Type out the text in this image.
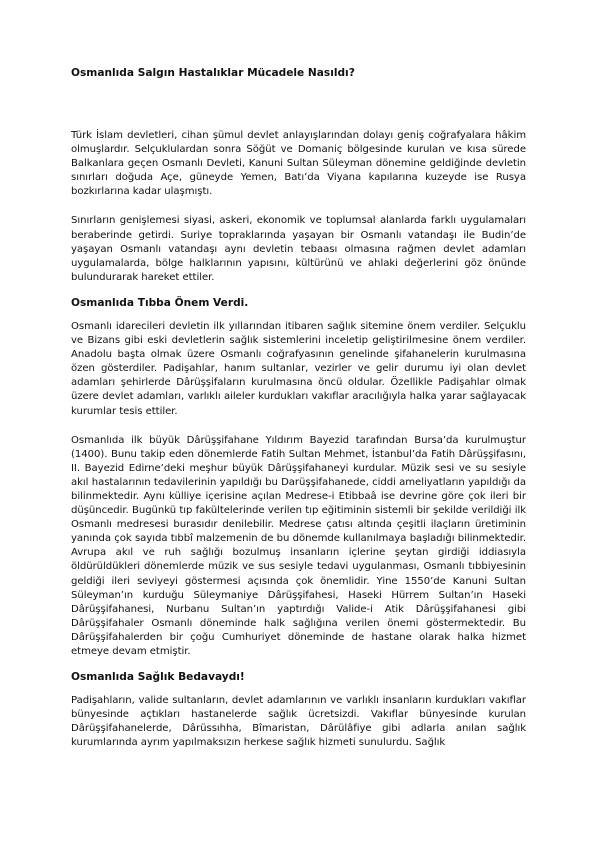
Osmanlıda Salgın Hastalıklar Mücadele Nasıldı?

Türk İslam devletleri, cihan şümul devlet anlayışlarından dolayı geniş coğrafyalara hâkim olmuşlardır. Selçuklulardan sonra Söğüt ve Domaniç bölgesinde kurulan ve kısa sürede Balkanlara geçen Osmanlı Devleti, Kanuni Sultan Süleyman dönemine geldiğinde devletin sınırları doğuda Açe, güneyde Yemen, Batı’da Viyana kapılarına kuzeyde ise Rusya bozkırlarına kadar ulaşmıştı.

Sınırların genişlemesi siyasi, askeri, ekonomik ve toplumsal alanlarda farklı uygulamaları beraberinde getirdi. Suriye topraklarında yaşayan bir Osmanlı vatandaşı ile Budin’de yaşayan Osmanlı vatandaşı aynı devletin tebaası olmasına rağmen devlet adamları uygulamalarda, bölge halklarının yapısını, kültürünü ve ahlaki değerlerini göz önünde bulundurarak hareket ettiler.

Osmanlıda Tıbba Önem Verdi.

Osmanlı idarecileri devletin ilk yıllarından itibaren sağlık sitemine önem verdiler. Selçuklu ve Bizans gibi eski devletlerin sağlık sistemlerini inceletip geliştirilmesine önem verdiler. Anadolu başta olmak üzere Osmanlı coğrafyasının genelinde şifahanelerin kurulmasına özen gösterdiler. Padişahlar, hanım sultanlar, vezirler ve gelir durumu iyi olan devlet adamları şehirlerde Dârüşşifaların kurulmasına öncü oldular. Özellikle Padişahlar olmak üzere devlet adamları, varlıklı aileler kurdukları vakıflar aracılığıyla halka yarar sağlayacak kurumlar tesis ettiler.

Osmanlıda ilk büyük Dârüşşifahane Yıldırım Bayezid tarafından Bursa’da kurulmuştur (1400). Bunu takip eden dönemlerde Fatih Sultan Mehmet, İstanbul’da Fatih Dârüşşifasını, II. Bayezid Edirne’deki meşhur büyük Dârüşşifahaneyi kurdular. Müzik sesi ve su sesiyle akıl hastalarının tedavilerinin yapıldığı bu Darüşşifahanede, ciddi ameliyatların yapıldığı da bilinmektedir. Aynı külliye içerisine açılan Medrese-i Etibbaâ ise devrine göre çok ileri bir düşüncedir. Bugünkü tıp fakültelerinde verilen tıp eğitiminin sistemli bir şekilde verildiği ilk Osmanlı medresesi burasıdır denilebilir. Medrese çatısı altında çeşitli ilaçların üretiminin yanında çok sayıda tıbbî malzemenin de bu dönemde kullanılmaya başladığı bilinmektedir. Avrupa akıl ve ruh sağlığı bozulmuş insanların içlerine şeytan girdiği iddiasıyla öldürüldükleri dönemlerde müzik ve sus sesiyle tedavi uygulanması, Osmanlı tıbbiyesinin geldiği ileri seviyeyi göstermesi açısında çok önemlidir. Yine 1550’de Kanuni Sultan Süleyman’ın kurduğu Süleymaniye Dârüşşifahesi, Haseki Hürrem Sultan’ın Haseki Dârüşşifahanesi, Nurbanu Sultan’ın yaptırdığı Valide-i Atik Dârüşşifahanesi gibi Dârüşşifahaler Osmanlı döneminde halk sağlığına verilen önemi göstermektedir. Bu Dârüşşifahalerden bir çoğu Cumhuriyet döneminde de hastane olarak halka hizmet etmeye devam etmiştir.

Osmanlıda Sağlık Bedavaydı!

Padişahların, valide sultanların, devlet adamlarının ve varlıklı insanların kurdukları vakıflar bünyesinde açtıkları hastanelerde sağlık ücretsizdi. Vakıflar bünyesinde kurulan Dârüşşifahanelerde, Dârüssıhha, Bîmaristan, Dârülâfiye gibi adlarla anılan sağlık kurumlarında ayrım yapılmaksızın herkese sağlık hizmeti sunulurdu. Sağlık
